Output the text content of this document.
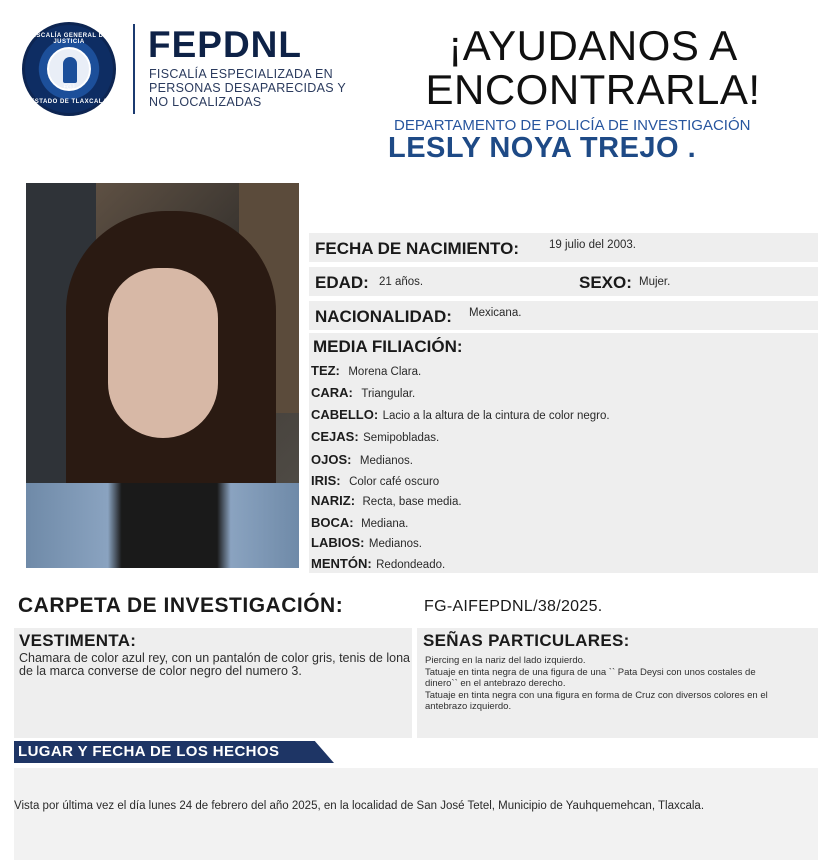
FISCALÍA GENERAL DE JUSTICIA
FGJ
ESTADO DE TLAXCALA
FEPDNL
FISCALÍA ESPECIALIZADA EN
PERSONAS DESAPARECIDAS Y
NO LOCALIZADAS
¡AYUDANOS A
ENCONTRARLA!
DEPARTAMENTO DE POLICÍA DE INVESTIGACIÓN
LESLY NOYA TREJO .
FECHA DE NACIMIENTO:	19 julio del 2003.
EDAD: 21 años.	SEXO: Mujer.
NACIONALIDAD: Mexicana.
MEDIA FILIACIÓN:
TEZ: Morena Clara.
CARA: Triangular.
CABELLO: Lacio a la altura de la cintura de color negro.
CEJAS: Semipobladas.
OJOS: Medianos.
IRIS: Color café oscuro
NARIZ: Recta, base media.
BOCA: Mediana.
LABIOS: Medianos.
MENTÓN: Redondeado.
CARPETA DE INVESTIGACIÓN:	FG-AIFEPDNL/38/2025.
VESTIMENTA:
Chamara de color azul rey, con un pantalón de color gris, tenis de lona de la marca converse de color negro del numero 3.
SEÑAS PARTICULARES:
Piercing en la nariz del lado izquierdo.
Tatuaje en tinta negra de una figura de una `` Pata Deysi con unos costales de dinero`` en el antebrazo derecho.
Tatuaje en tinta negra con una figura en forma de Cruz con diversos colores en el antebrazo izquierdo.
LUGAR Y FECHA DE LOS HECHOS
Vista por última vez el día lunes 24 de febrero del año 2025, en la localidad de San José Tetel, Municipio de Yauhquemehcan, Tlaxcala.
